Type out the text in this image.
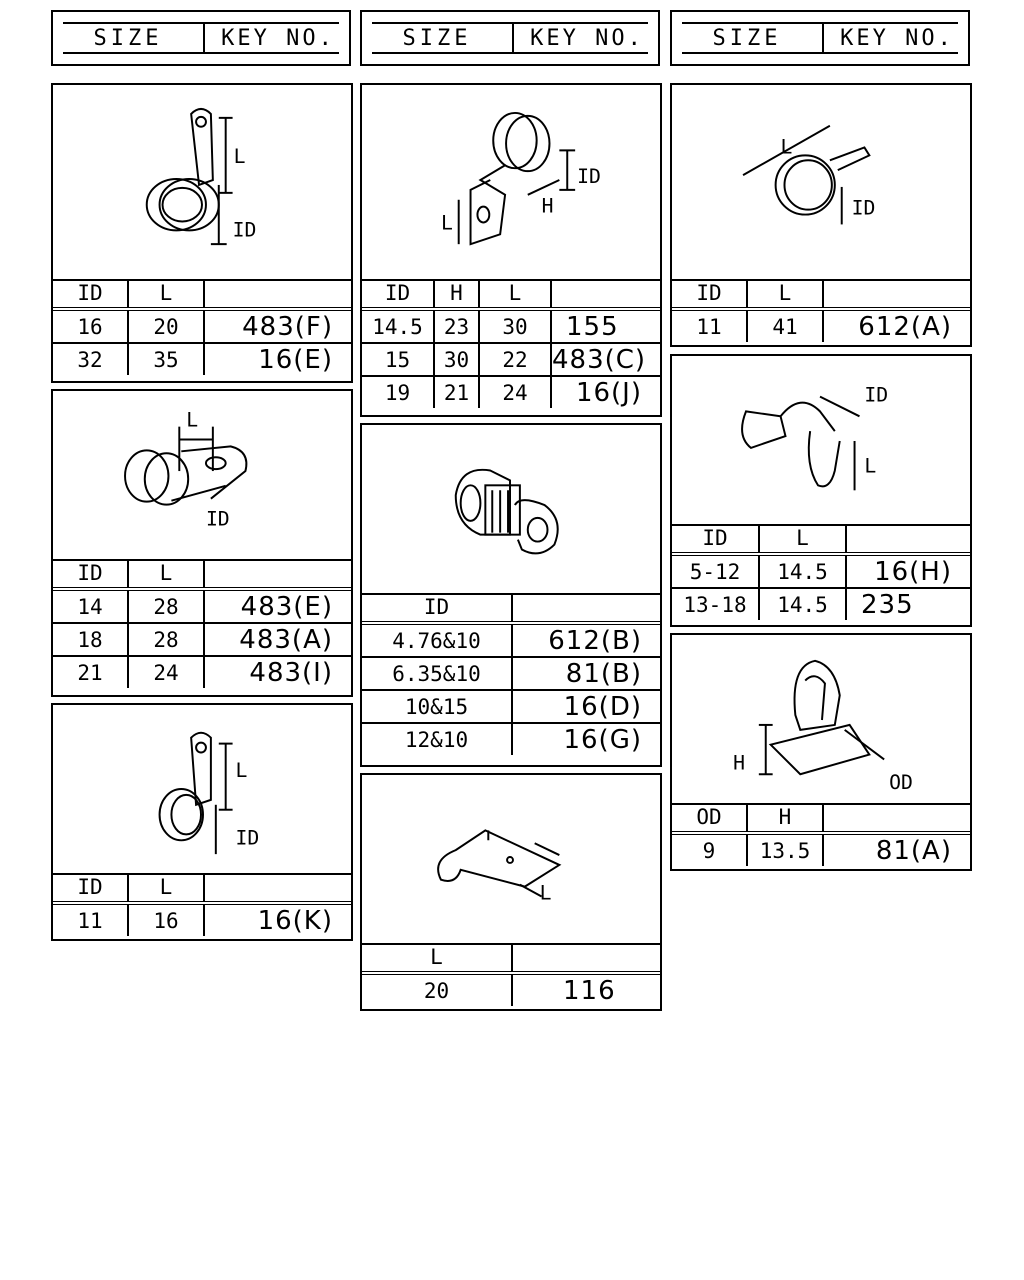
SIZE	KEY NO.	SIZE	KEY NO.	SIZE	KEY NO.
L
ID
ID	L	
16	20	483(F)
32	35	16(E)
L
ID
ID	L	
14	28	483(E)
18	28	483(A)
21	24	483(I)
L
ID
ID	L	
11	16	16(K)
ID
H
L
ID	H	L	
14.5	23	30	155
15	30	22	483(C)
19	21	24	16(J)
ID	
4.76&10	612(B)
6.35&10	81(B)
10&15	16(D)
12&10	16(G)
L
L	
20	116
L
ID
ID	L	
11	41	612(A)
ID
L
ID	L	
5-12	14.5	16(H)
13-18	14.5	235
H
OD
OD	H	
9	13.5	81(A)
